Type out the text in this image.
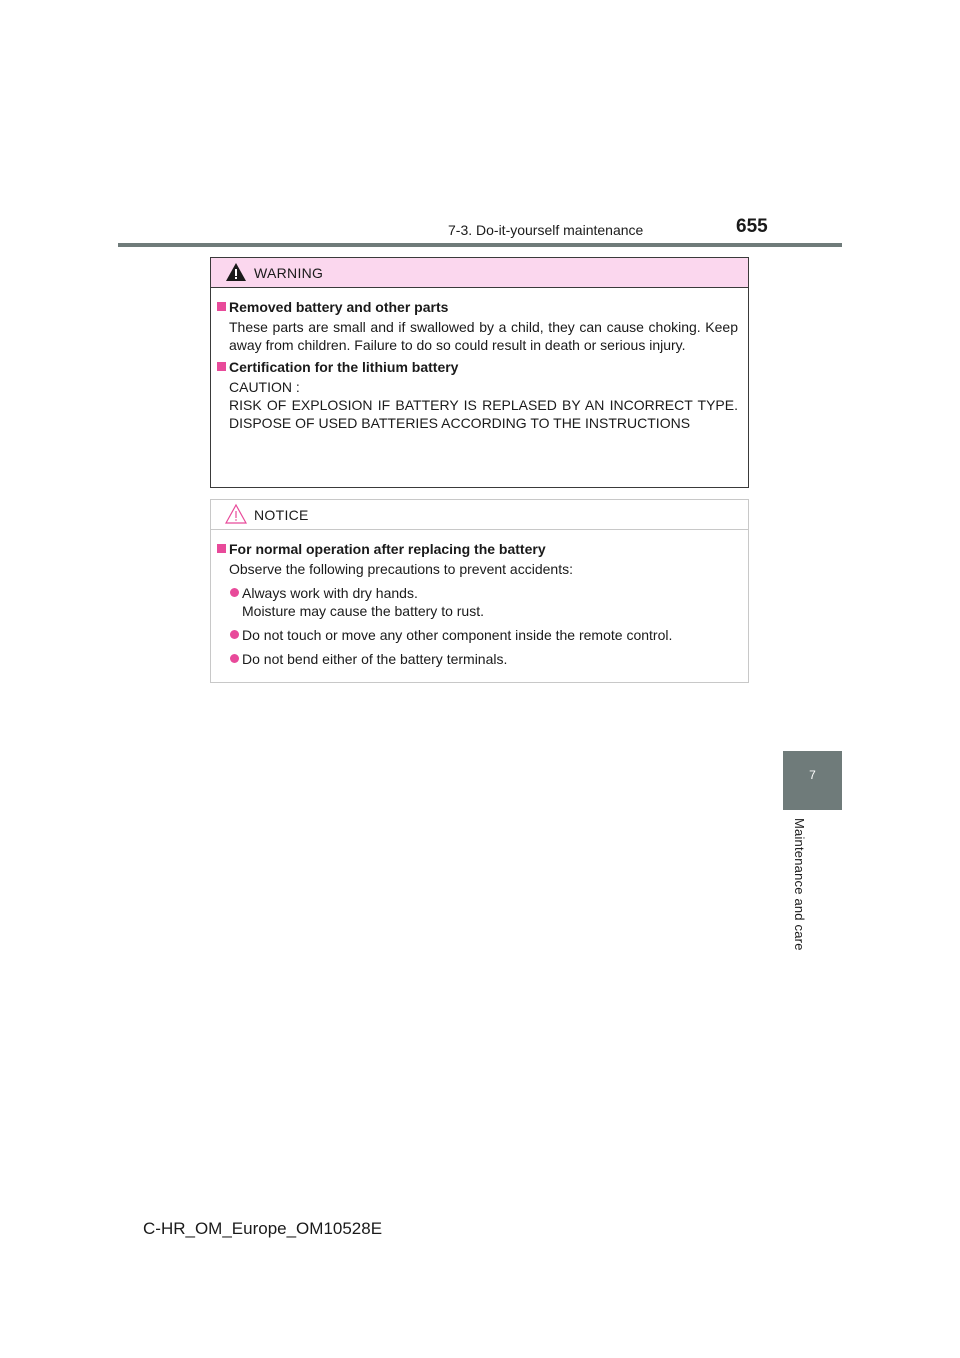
7-3. Do-it-yourself maintenance	655
7
Maintenance and care
WARNING
Removed battery and other parts
These parts are small and if swallowed by a child, they can cause choking. Keep away from children. Failure to do so could result in death or serious injury.
Certification for the lithium battery
CAUTION :
RISK OF EXPLOSION IF BATTERY IS REPLASED BY AN INCORRECT TYPE. DISPOSE OF USED BATTERIES ACCORDING TO THE INSTRUCTIONS
NOTICE
For normal operation after replacing the battery
Observe the following precautions to prevent accidents:
Always work with dry hands.
Moisture may cause the battery to rust.
Do not touch or move any other component inside the remote control.
Do not bend either of the battery terminals.
C-HR_OM_Europe_OM10528E
